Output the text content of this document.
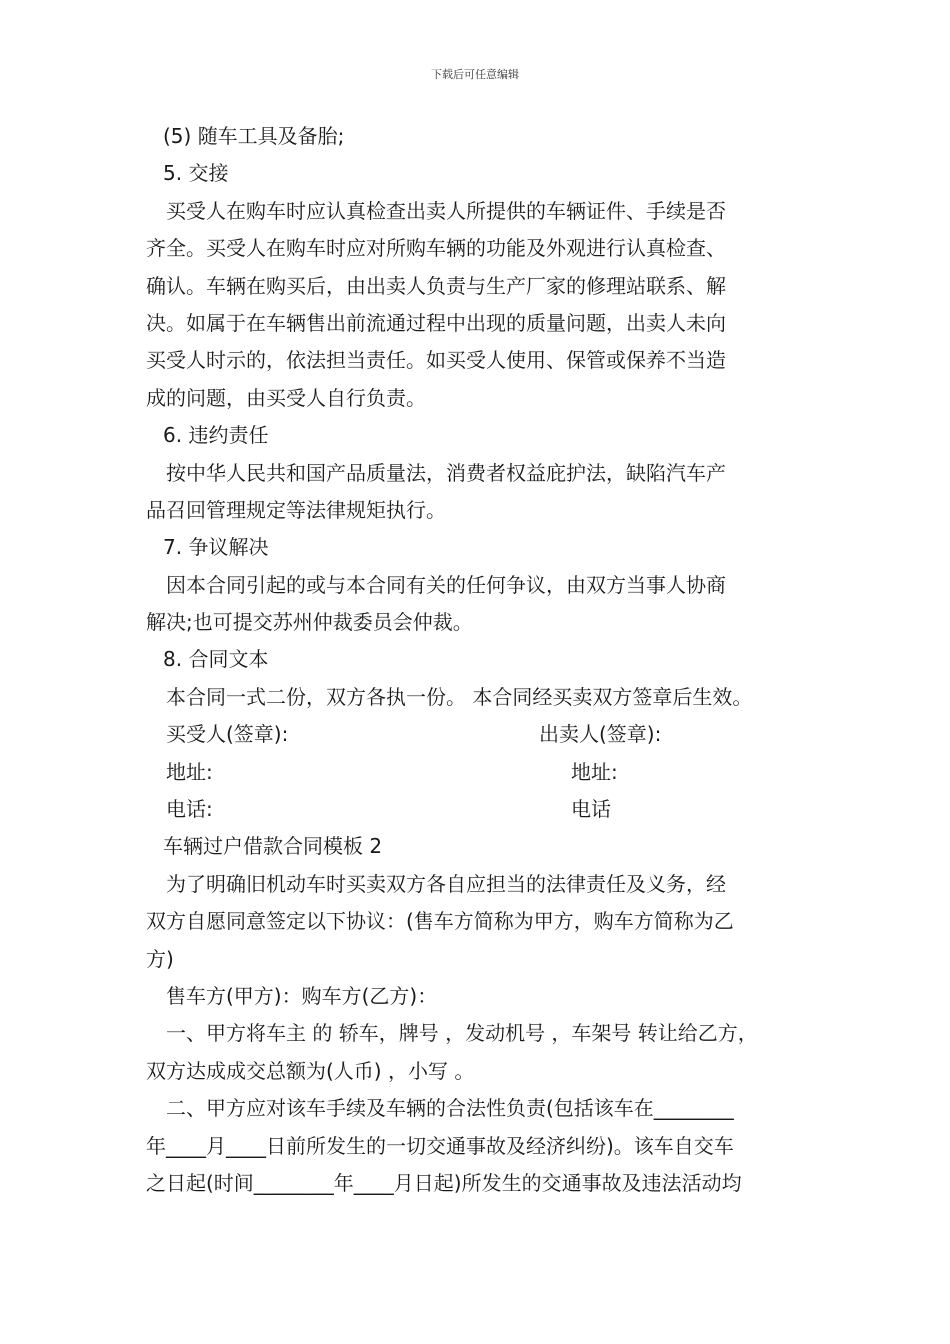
下载后可任意编辑
(5) 随车工具及备胎;
5. 交接
买受人在购车时应认真检查出卖人所提供的车辆证件、手续是否
齐全。买受人在购车时应对所购车辆的功能及外观进行认真检查、
确认。车辆在购买后，由出卖人负责与生产厂家的修理站联系、解
决。如属于在车辆售出前流通过程中出现的质量问题，出卖人未向
买受人时示的，依法担当责任。如买受人使用、保管或保养不当造
成的问题，由买受人自行负责。
6. 违约责任
按中华人民共和国产品质量法，消费者权益庇护法，缺陷汽车产
品召回管理规定等法律规矩执行。
7. 争议解决
因本合同引起的或与本合同有关的任何争议，由双方当事人协商
解决;也可提交苏州仲裁委员会仲裁。
8. 合同文本
本合同一式二份，双方各执一份。 本合同经买卖双方签章后生效。
买受人(签章):	出卖人(签章):
地址:	地址:
电话:	电话
车辆过户借款合同模板 2
为了明确旧机动车时买卖双方各自应担当的法律责任及义务，经
双方自愿同意签定以下协议：(售车方简称为甲方，购车方简称为乙
方)
售车方(甲方)：购车方(乙方)：
一、甲方将车主 的 轿车，牌号 ，发动机号 ，车架号 转让给乙方，
双方达成成交总额为(人币) ，小写 。
二、甲方应对该车手续及车辆的合法性负责(包括该车在________
年____月____日前所发生的一切交通事故及经济纠纷)。该车自交车
之日起(时间________年____月日起)所发生的交通事故及违法活动均
